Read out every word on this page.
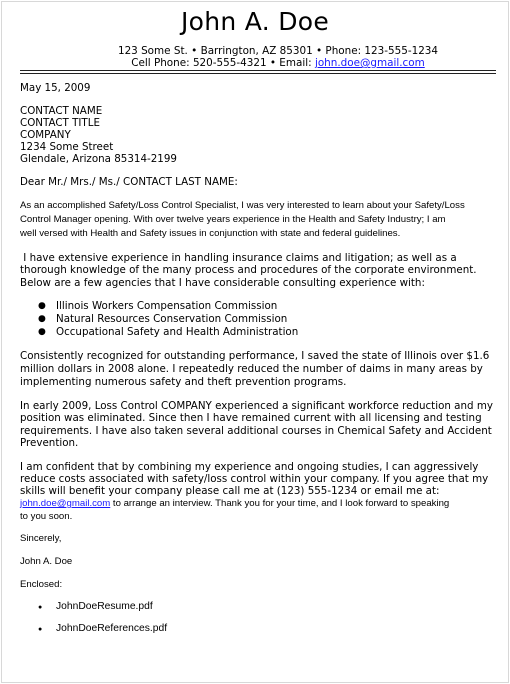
John A. Doe
123 Some St. • Barrington, AZ 85301 • Phone: 123-555-1234
Cell Phone: 520-555-4321 • Email: john.doe@gmail.com
May 15, 2009
CONTACT NAME
CONTACT TITLE
COMPANY
1234 Some Street
Glendale, Arizona 85314-2199
Dear Mr./ Mrs./ Ms./ CONTACT LAST NAME:
As an accomplished Safety/Loss Control Specialist, I was very interested to learn about your Safety/Loss
Control Manager opening. With over twelve years experience in the Health and Safety Industry; I am
well versed with Health and Safety issues in conjunction with state and federal guidelines.
I have extensive experience in handling insurance claims and litigation; as well as a
thorough knowledge of the many process and procedures of the corporate environment.
Below are a few agencies that I have considerable consulting experience with:
● Illinois Workers Compensation Commission
● Natural Resources Conservation Commission
● Occupational Safety and Health Administration
Consistently recognized for outstanding performance, I saved the state of Illinois over $1.6
million dollars in 2008 alone. I repeatedly reduced the number of daims in many areas by
implementing numerous safety and theft prevention programs.
In early 2009, Loss Control COMPANY experienced a significant workforce reduction and my
position was eliminated. Since then I have remained current with all licensing and testing
requirements. I have also taken several additional courses in Chemical Safety and Accident
Prevention.
I am confident that by combining my experience and ongoing studies, I can aggressively
reduce costs associated with safety/loss control within your company. If you agree that my
skills will benefit your company please call me at (123) 555-1234 or email me at:
john.doe@gmail.com to arrange an interview. Thank you for your time, and I look forward to speaking
to you soon.
Sincerely,
John A. Doe
Enclosed:
● JohnDoeResume.pdf
● JohnDoeReferences.pdf
